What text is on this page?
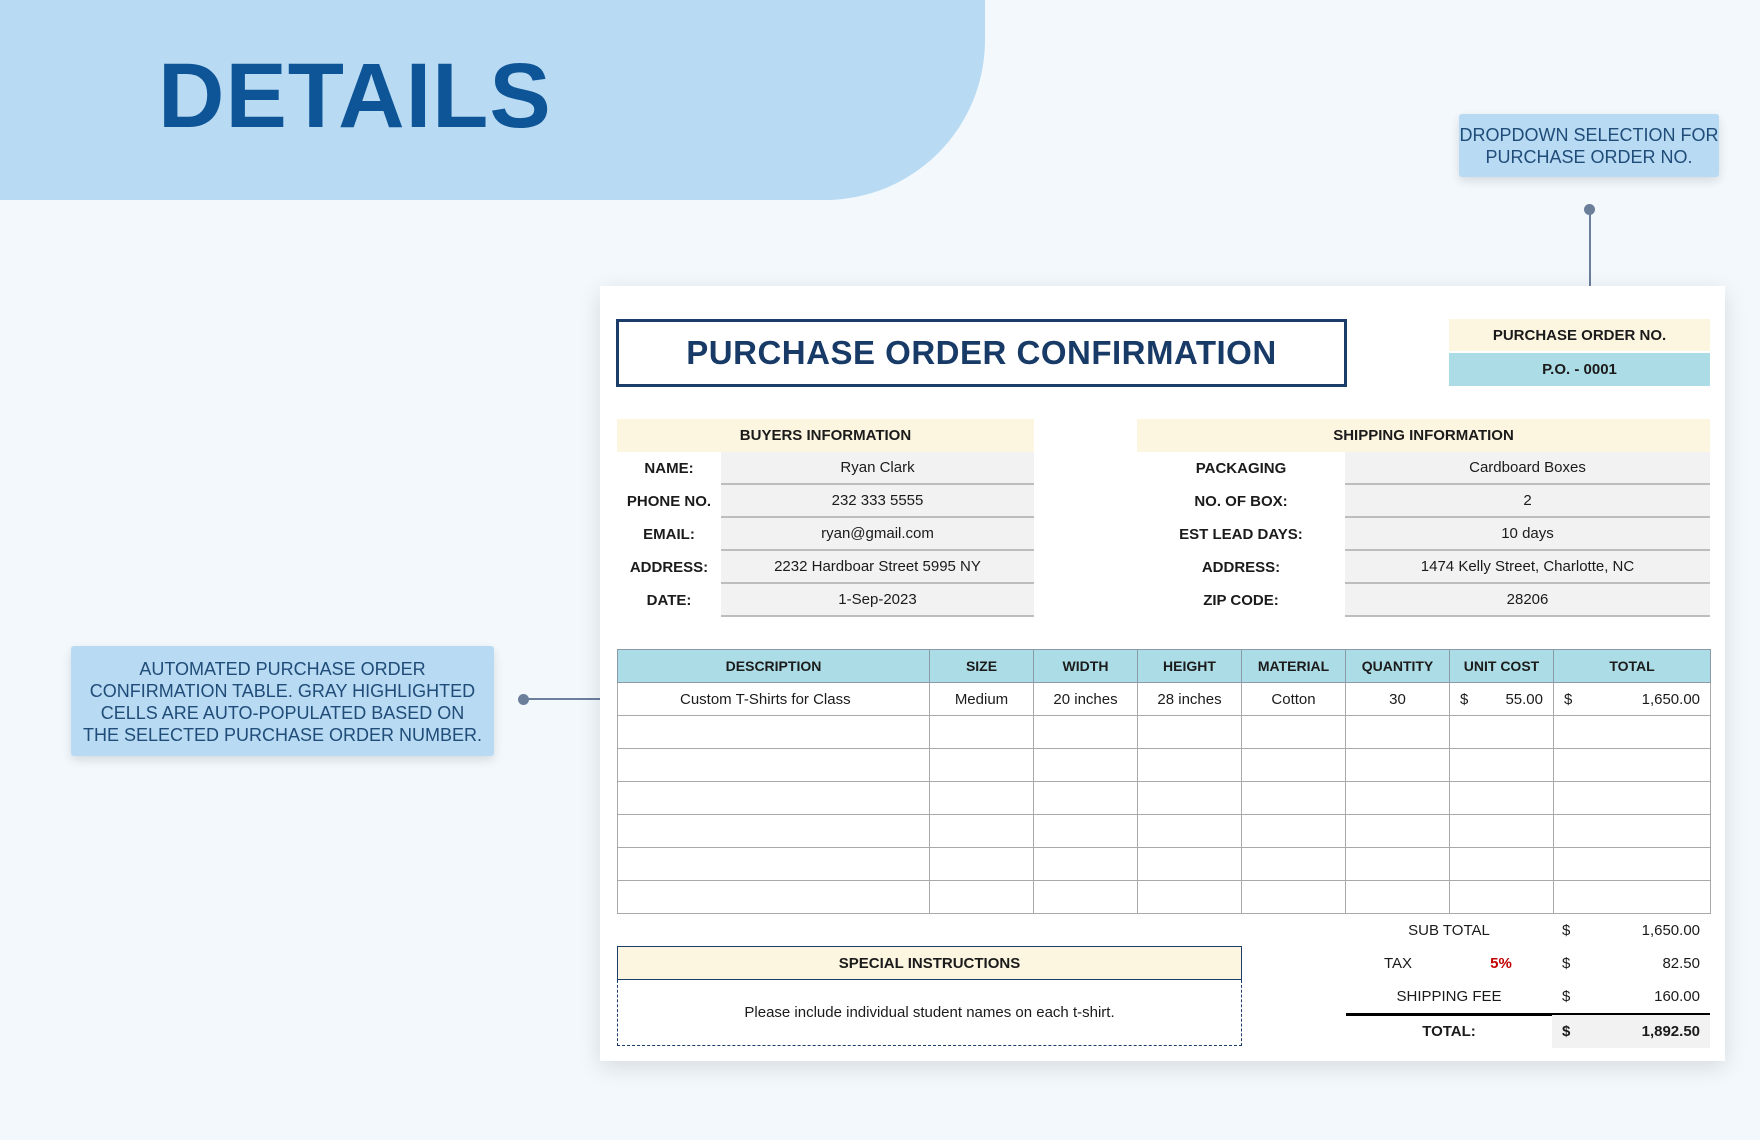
DETAILS	DROPDOWN SELECTION FOR PURCHASE ORDER NO.
AUTOMATED PURCHASE ORDER CONFIRMATION TABLE. GRAY HIGHLIGHTED CELLS ARE AUTO-POPULATED BASED ON THE SELECTED PURCHASE ORDER NUMBER.
PURCHASE ORDER CONFIRMATION	PURCHASE ORDER NO.
P.O. - 0001
BUYERS INFORMATION
NAME:	Ryan Clark
PHONE NO.	232 333 5555
EMAIL:	ryan@gmail.com
ADDRESS:	2232 Hardboar Street 5995 NY
DATE:	1-Sep-2023
SHIPPING INFORMATION
PACKAGING	Cardboard Boxes
NO. OF BOX:	2
EST LEAD DAYS:	10 days
ADDRESS:	1474 Kelly Street, Charlotte, NC
ZIP CODE:	28206
DESCRIPTION	SIZE	WIDTH	HEIGHT	MATERIAL	QUANTITY	UNIT COST	TOTAL
Custom T-Shirts for Class	Medium	20 inches	28 inches	Cotton	30	$ 55.00	$ 1,650.00

SPECIAL INSTRUCTIONS
Please include individual student names on each t-shirt.
SUB TOTAL	$	1,650.00
TAX	5%	$	82.50
SHIPPING FEE	$	160.00
TOTAL:	$	1,892.50
